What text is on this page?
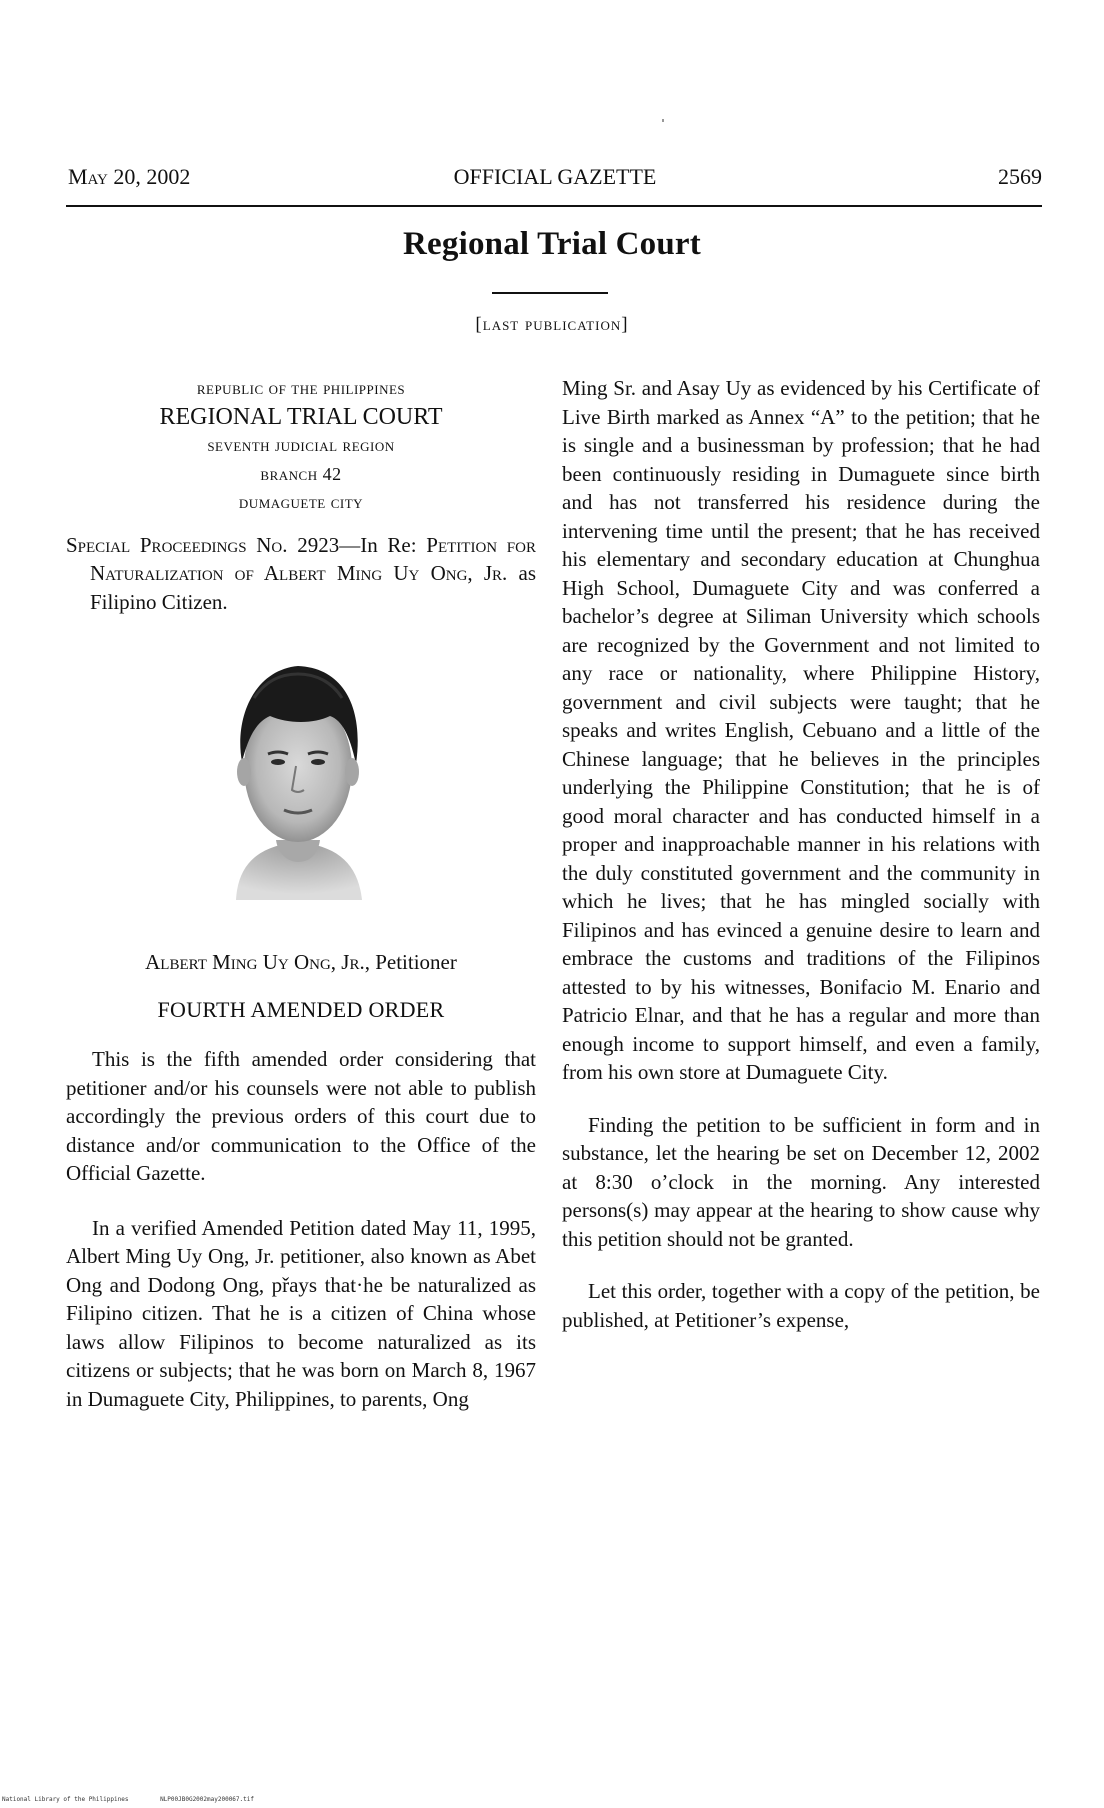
May 20, 2002	OFFICIAL GAZETTE	2569
Regional Trial Court
[last publication]
republic of the philippines
REGIONAL TRIAL COURT
seventh judicial region
branch 42
dumaguete city
Special Proceedings No. 2923—In Re: Petition for Naturalization of Albert Ming Uy Ong, Jr. as Filipino Citizen.
Albert Ming Uy Ong, Jr., Petitioner
FOURTH AMENDED ORDER

This is the fifth amended order considering that petitioner and/or his counsels were not able to publish accordingly the previous orders of this court due to distance and/or communication to the Office of the Official Gazette.

In a verified Amended Petition dated May 11, 1995, Albert Ming Uy Ong, Jr. petitioner, also known as Abet Ong and Dodong Ong, přays that·he be naturalized as Filipino citizen. That he is a citizen of China whose laws allow Filipinos to become naturalized as its citizens or subjects; that he was born on March 8, 1967 in Dumaguete City, Philippines, to parents, Ong

Ming Sr. and Asay Uy as evidenced by his Certificate of Live Birth marked as Annex “A” to the petition; that he is single and a businessman by profession; that he had been continuously residing in Dumaguete since birth and has not transferred his residence during the intervening time until the present; that he has received his elementary and secondary education at Chunghua High School, Dumaguete City and was conferred a bachelor’s degree at Siliman University which schools are recognized by the Government and not limited to any race or nationality, where Philippine History, government and civil subjects were taught; that he speaks and writes English, Cebuano and a little of the Chinese language; that he believes in the principles underlying the Philippine Constitution; that he is of good moral character and has conducted himself in a proper and inapproachable manner in his relations with the duly constituted government and the community in which he lives; that he has mingled socially with Filipinos and has evinced a genuine desire to learn and embrace the customs and traditions of the Filipinos attested to by his witnesses, Bonifacio M. Enario and Patricio Elnar, and that he has a regular and more than enough income to support himself, and even a family, from his own store at Dumaguete City.

Finding the petition to be sufficient in form and in substance, let the hearing be set on December 12, 2002 at 8:30 o’clock in the morning. Any interested persons(s) may appear at the hearing to show cause why this petition should not be granted.

Let this order, together with a copy of the petition, be published, at Petitioner’s expense,

National Library of the Philippines	NLP00JB0G2002may200067.tif
